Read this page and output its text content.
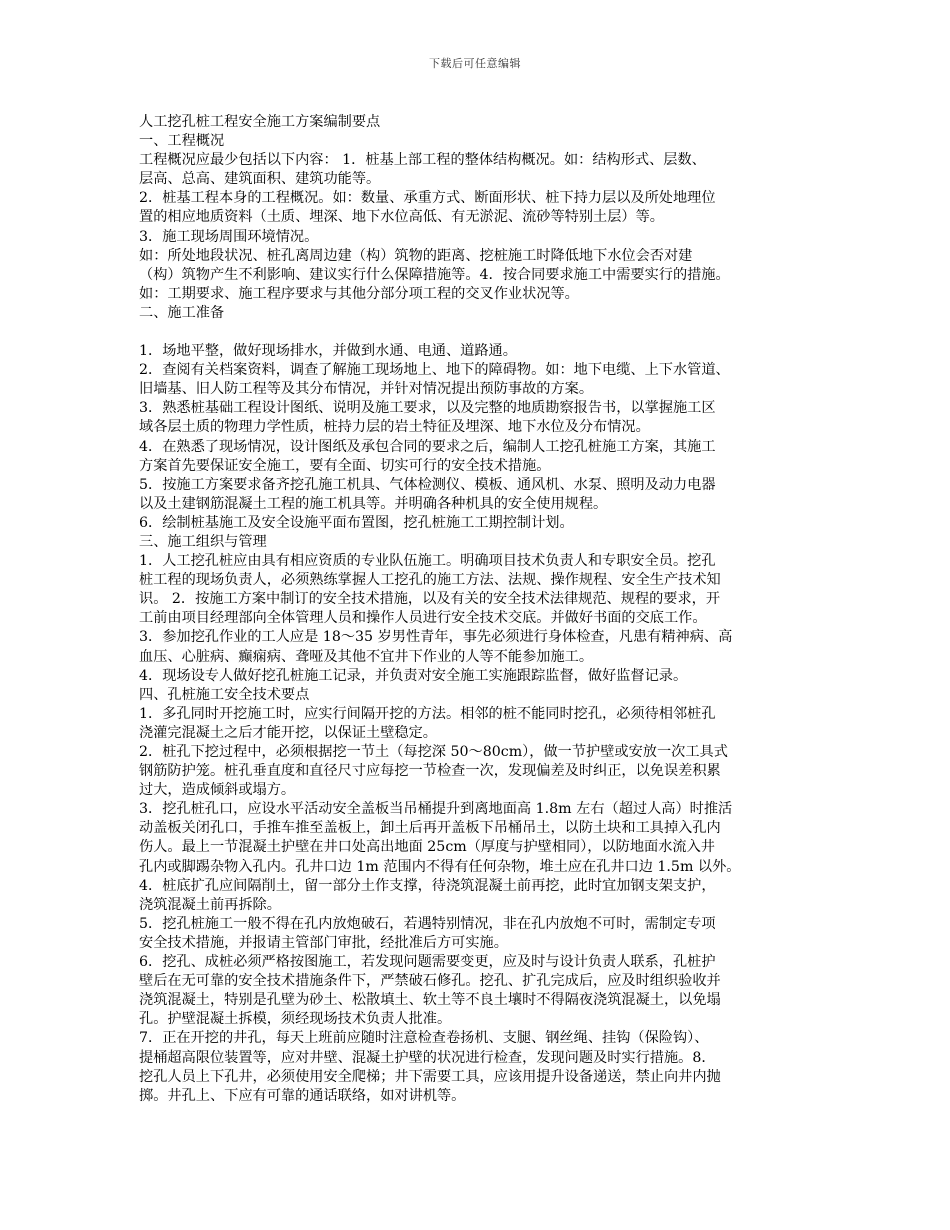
下载后可任意编辑
人工挖孔桩工程安全施工方案编制要点
一、工程概况
工程概况应最少包括以下内容： 1．桩基上部工程的整体结构概况。如：结构形式、层数、
层高、总高、建筑面积、建筑功能等。
2．桩基工程本身的工程概况。如：数量、承重方式、断面形状、桩下持力层以及所处地理位
置的相应地质资料（土质、埋深、地下水位高低、有无淤泥、流砂等特别土层）等。
3．施工现场周围环境情况。
如：所处地段状况、桩孔离周边建（构）筑物的距离、挖桩施工时降低地下水位会否对建
（构）筑物产生不利影响、建议实行什么保障措施等。4．按合同要求施工中需要实行的措施。
如：工期要求、施工程序要求与其他分部分项工程的交叉作业状况等。
二、施工准备
1．场地平整，做好现场排水，并做到水通、电通、道路通。
2．查阅有关档案资料，调查了解施工现场地上、地下的障碍物。如：地下电缆、上下水管道、
旧墙基、旧人防工程等及其分布情况，并针对情况提出预防事故的方案。
3．熟悉桩基础工程设计图纸、说明及施工要求，以及完整的地质勘察报告书，以掌握施工区
域各层土质的物理力学性质，桩持力层的岩土特征及埋深、地下水位及分布情况。
4．在熟悉了现场情况，设计图纸及承包合同的要求之后，编制人工挖孔桩施工方案，其施工
方案首先要保证安全施工，要有全面、切实可行的安全技术措施。
5．按施工方案要求备齐挖孔施工机具、气体检测仪、模板、通风机、水泵、照明及动力电器
以及土建钢筋混凝土工程的施工机具等。并明确各种机具的安全使用规程。
6．绘制桩基施工及安全设施平面布置图，挖孔桩施工工期控制计划。
三、施工组织与管理
1．人工挖孔桩应由具有相应资质的专业队伍施工。明确项目技术负责人和专职安全员。挖孔
桩工程的现场负责人，必须熟练掌握人工挖孔的施工方法、法规、操作规程、安全生产技术知
识。 2．按施工方案中制订的安全技术措施，以及有关的安全技术法律规范、规程的要求，开
工前由项目经理部向全体管理人员和操作人员进行安全技术交底。并做好书面的交底工作。
3．参加挖孔作业的工人应是 18～35 岁男性青年，事先必须进行身体检查，凡患有精神病、高
血压、心脏病、癫痫病、聋哑及其他不宜井下作业的人等不能参加施工。
4．现场设专人做好挖孔桩施工记录，并负责对安全施工实施跟踪监督，做好监督记录。
四、孔桩施工安全技术要点
1．多孔同时开挖施工时，应实行间隔开挖的方法。相邻的桩不能同时挖孔，必须待相邻桩孔
浇灌完混凝土之后才能开挖，以保证土壁稳定。
2．桩孔下挖过程中，必须根据挖一节土（每挖深 50～80cm），做一节护壁或安放一次工具式
钢筋防护笼。桩孔垂直度和直径尺寸应每挖一节检查一次，发现偏差及时纠正，以免误差积累
过大，造成倾斜或塌方。
3．挖孔桩孔口，应设水平活动安全盖板当吊桶提升到离地面高 1.8m 左右（超过人高）时推活
动盖板关闭孔口，手推车推至盖板上，卸土后再开盖板下吊桶吊土，以防土块和工具掉入孔内
伤人。最上一节混凝土护壁在井口处高出地面 25cm（厚度与护壁相同），以防地面水流入井
孔内或脚踢杂物入孔内。孔井口边 1m 范围内不得有任何杂物，堆土应在孔井口边 1.5m 以外。
4．桩底扩孔应间隔削土，留一部分土作支撑，待浇筑混凝土前再挖，此时宜加钢支架支护，
浇筑混凝土前再拆除。
5．挖孔桩施工一般不得在孔内放炮破石，若遇特别情况，非在孔内放炮不可时，需制定专项
安全技术措施，并报请主管部门审批，经批准后方可实施。
6．挖孔、成桩必须严格按图施工，若发现问题需要变更，应及时与设计负责人联系，孔桩护
壁后在无可靠的安全技术措施条件下，严禁破石修孔。挖孔、扩孔完成后，应及时组织验收并
浇筑混凝土，特别是孔壁为砂土、松散填土、软土等不良土壤时不得隔夜浇筑混凝土，以免塌
孔。护壁混凝土拆模，须经现场技术负责人批准。
7．正在开挖的井孔，每天上班前应随时注意检查卷扬机、支腿、钢丝绳、挂钩（保险钩）、
提桶超高限位装置等，应对井壁、混凝土护壁的状况进行检查，发现问题及时实行措施。8．
挖孔人员上下孔井，必须使用安全爬梯；井下需要工具，应该用提升设备递送，禁止向井内抛
掷。井孔上、下应有可靠的通话联络，如对讲机等。
